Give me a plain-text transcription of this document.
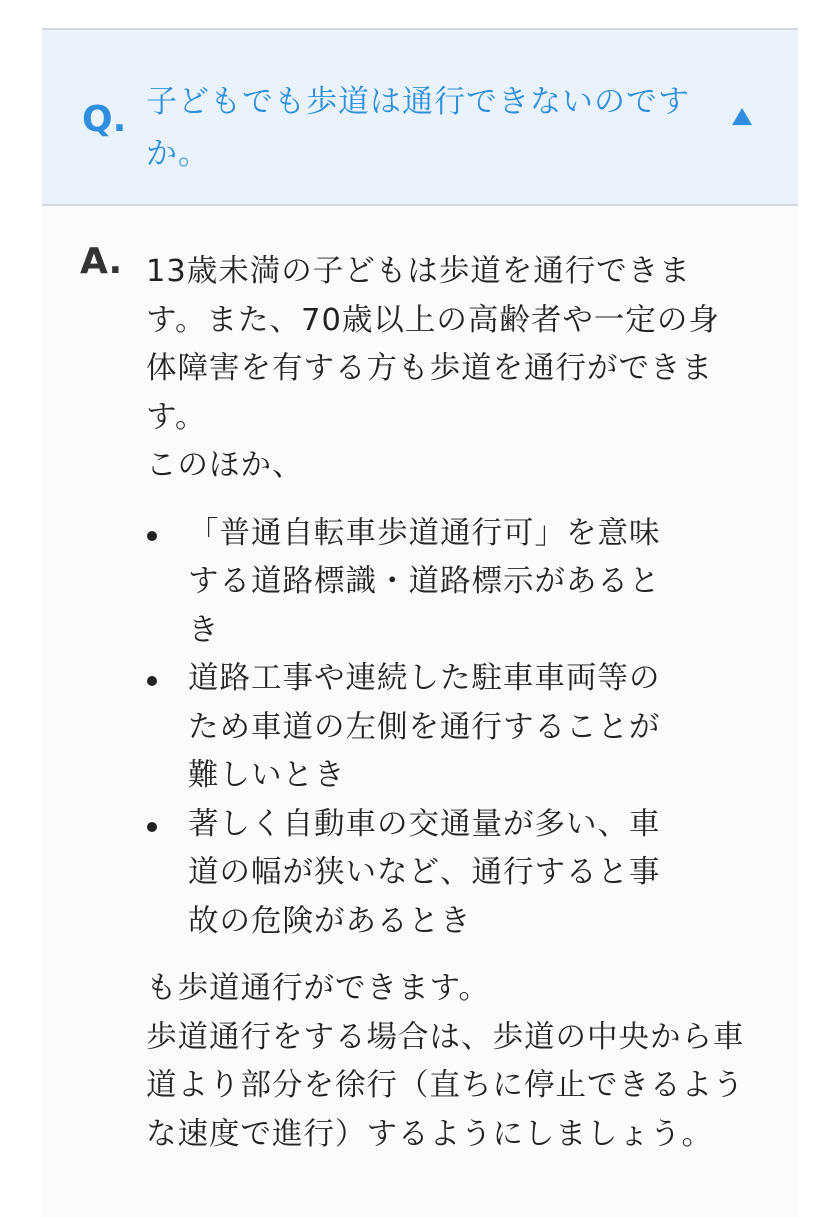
Q. 子どもでも歩道は通行できないのですか。
A. 13歳未満の子どもは歩道を通行できます。また、70歳以上の高齢者や一定の身体障害を有する方も歩道を通行ができます。

このほか、

「普通自転車歩道通行可」を意味する道路標識・道路標示があるとき
道路工事や連続した駐車車両等のため車道の左側を通行することが難しいとき
著しく自動車の交通量が多い、車道の幅が狭いなど、通行すると事故の危険があるとき

も歩道通行ができます。

歩道通行をする場合は、歩道の中央から車道より部分を徐行（直ちに停止できるような速度で進行）するようにしましょう。
